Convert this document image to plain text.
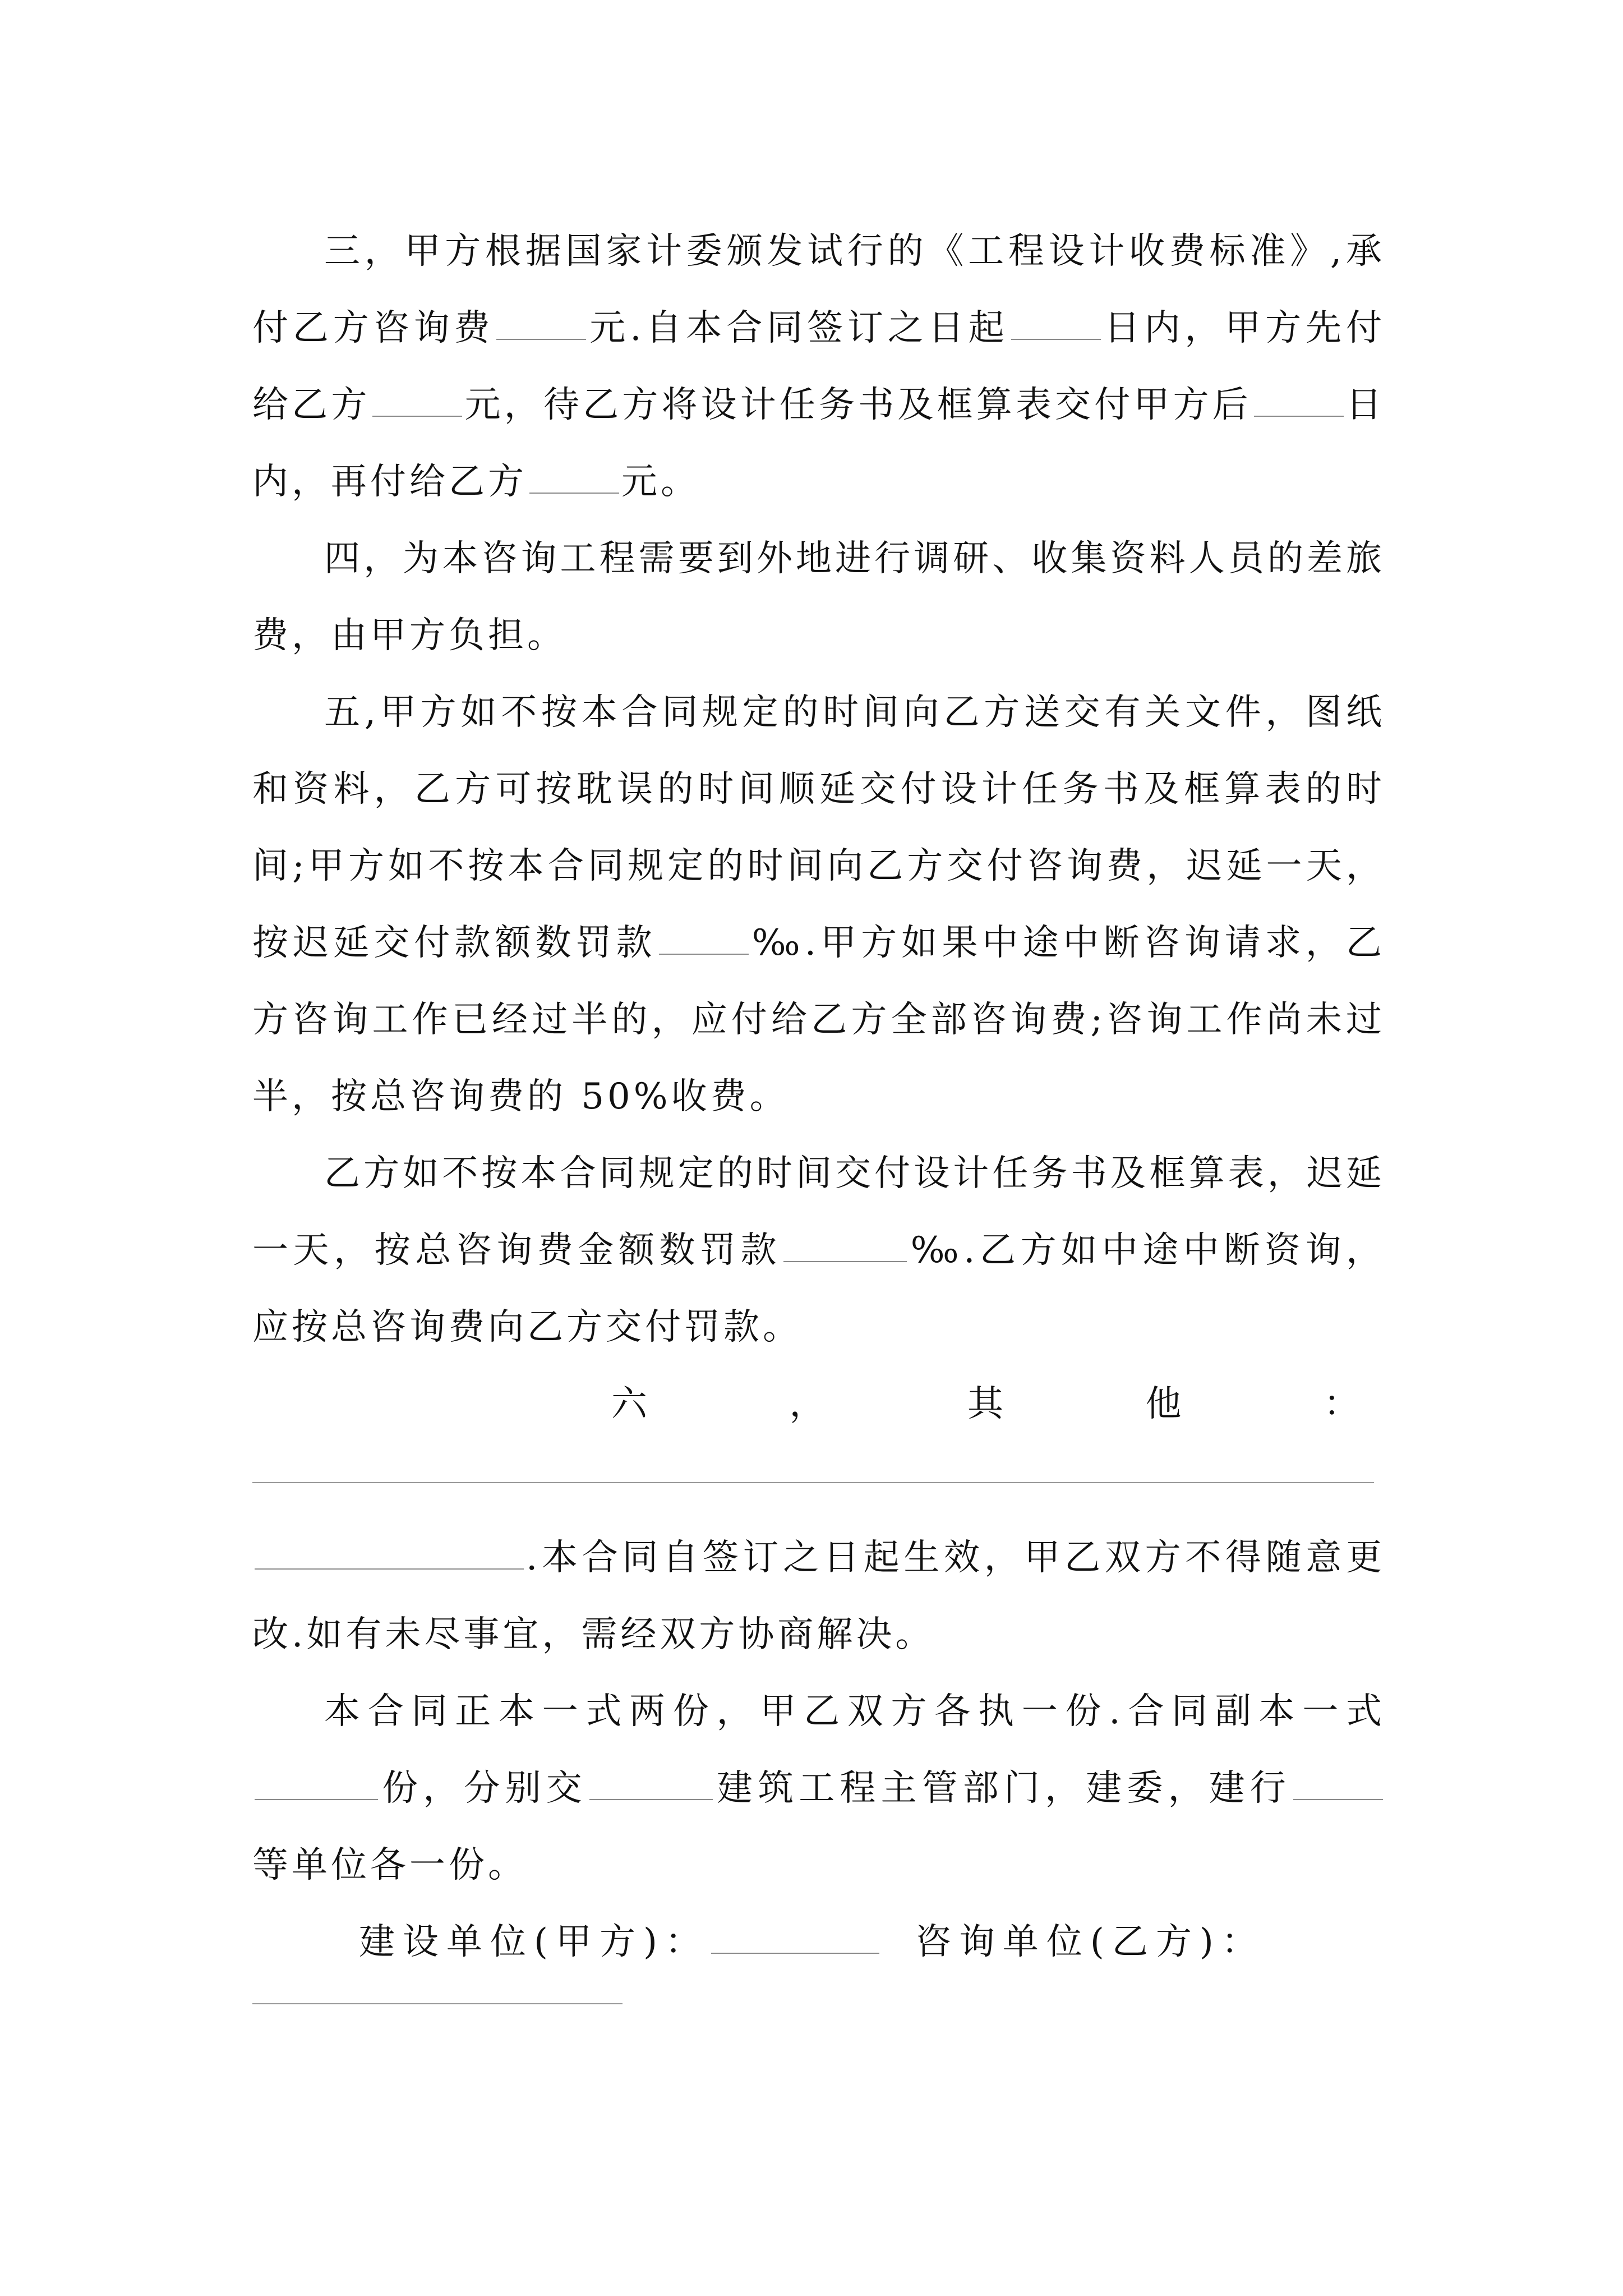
三，甲方根据国家计委颁发试行的《工程设计收费标准》,承付乙方咨询费	元.自本合同签订之日起	日内，甲方先付给乙方	元，待乙方将设计任务书及框算表交付甲方后	日内，再付给乙方	元。

四，为本咨询工程需要到外地进行调研、收集资料人员的差旅费，由甲方负担。

五,甲方如不按本合同规定的时间向乙方送交有关文件，图纸和资料，乙方可按耽误的时间顺延交付设计任务书及框算表的时间;甲方如不按本合同规定的时间向乙方交付咨询费，迟延一天，按迟延交付款额数罚款	‰.甲方如果中途中断咨询请求，乙方咨询工作已经过半的，应付给乙方全部咨询费;咨询工作尚未过半，按总咨询费的 50%收费。

乙方如不按本合同规定的时间交付设计任务书及框算表，迟延一天，按总咨询费金额数罚款	‰.乙方如中途中断资询，应按总咨询费向乙方交付罚款。

六	，	其	他	：

.本合同自签订之日起生效，甲乙双方不得随意更改.如有未尽事宜，需经双方协商解决。

本合同正本一式两份，甲乙双方各执一份.合同副本一式份，分别交	建筑工程主管部门，建委，建行等单位各一份。

建设单位(甲方)：	咨询单位(乙方)：
